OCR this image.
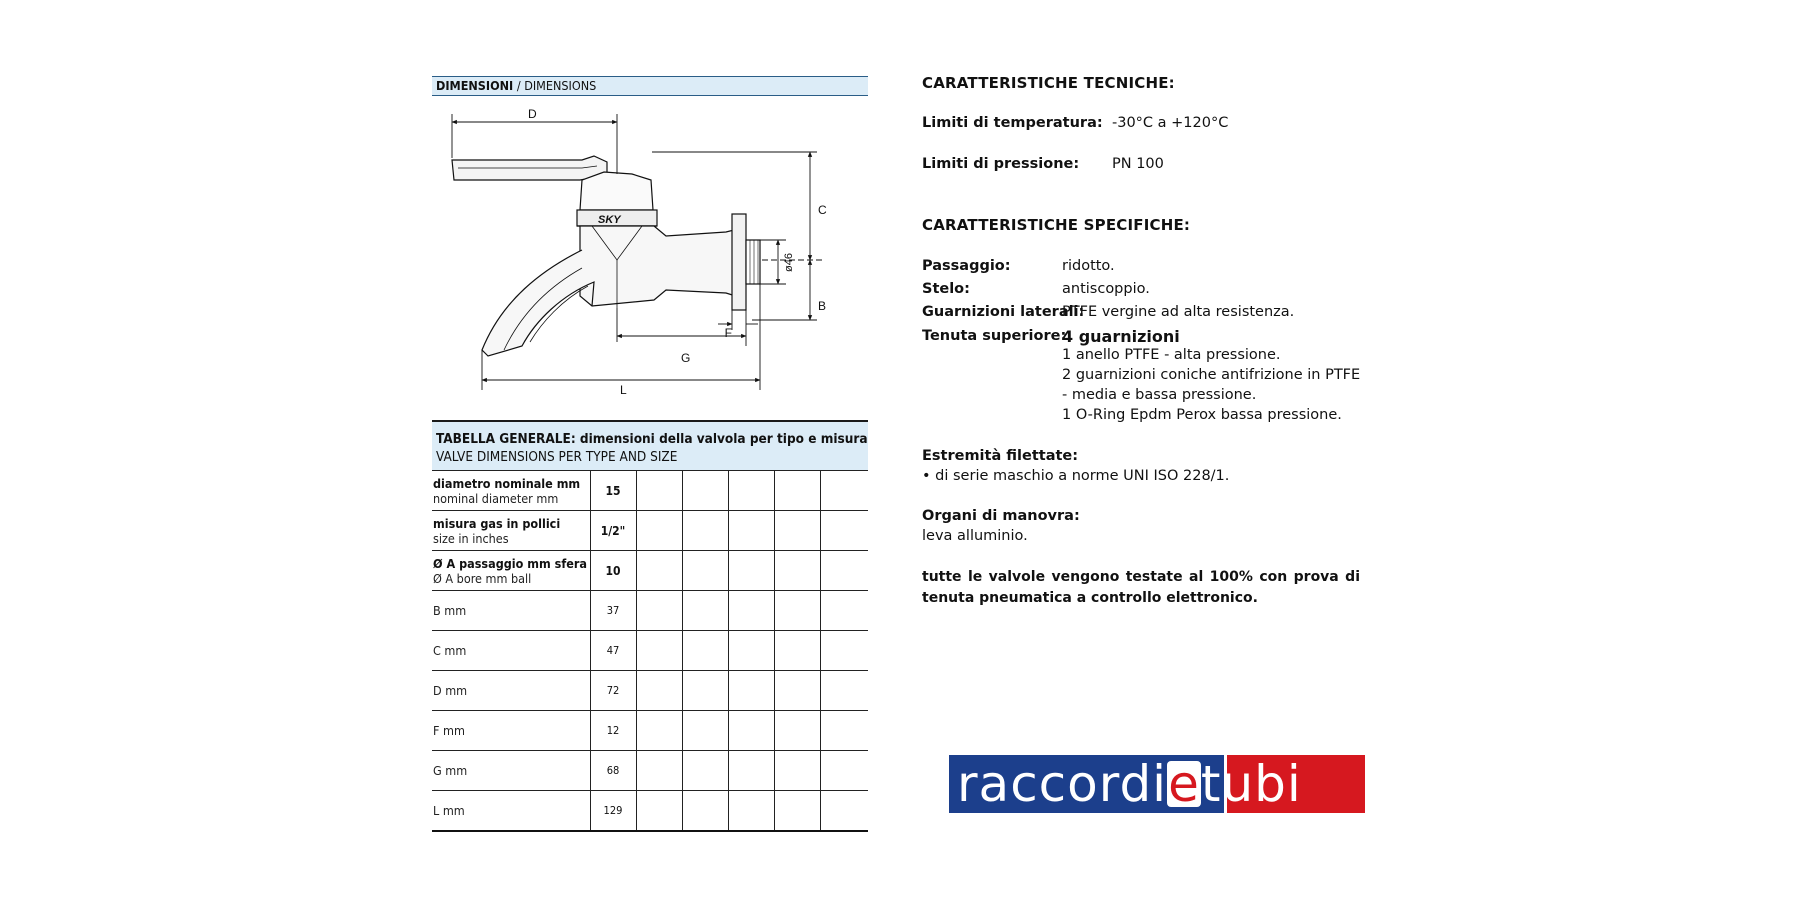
DIMENSIONI / DIMENSIONS
D
C
B
F
G
L
ø46
SKY
TABELLA GENERALE: dimensioni della valvola per tipo e misura
VALVE DIMENSIONS PER TYPE AND SIZE
diametro nominale mm
nominal diameter mm	15					

misura gas in pollici
size in inches	1/2"					

Ø A passaggio mm sfera
Ø A bore mm ball	10					

B mm	37					

C mm	47					

D mm	72					

F mm	12					

G mm	68					

L mm	129					
CARATTERISTICHE TECNICHE:
Limiti di temperatura: -30°C a +120°C
Limiti di pressione: PN 100
CARATTERISTICHE SPECIFICHE:
Passaggio:	ridotto.
Stelo:	antiscoppio.
Guarnizioni laterali:
PTFE vergine ad alta resistenza.
Tenuta superiore:
4 guarnizioni
1 anello PTFE - alta pressione.
2 guarnizioni coniche antifrizione in PTFE
- media e bassa pressione.
1 O-Ring Epdm Perox bassa pressione.
Estremità filettate:
• di serie maschio a norme UNI ISO 228/1.
Organi di manovra:
leva alluminio.
tutte le valvole vengono testate al 100% con prova di tenuta pneumatica a controllo elettronico.
raccordietubi
